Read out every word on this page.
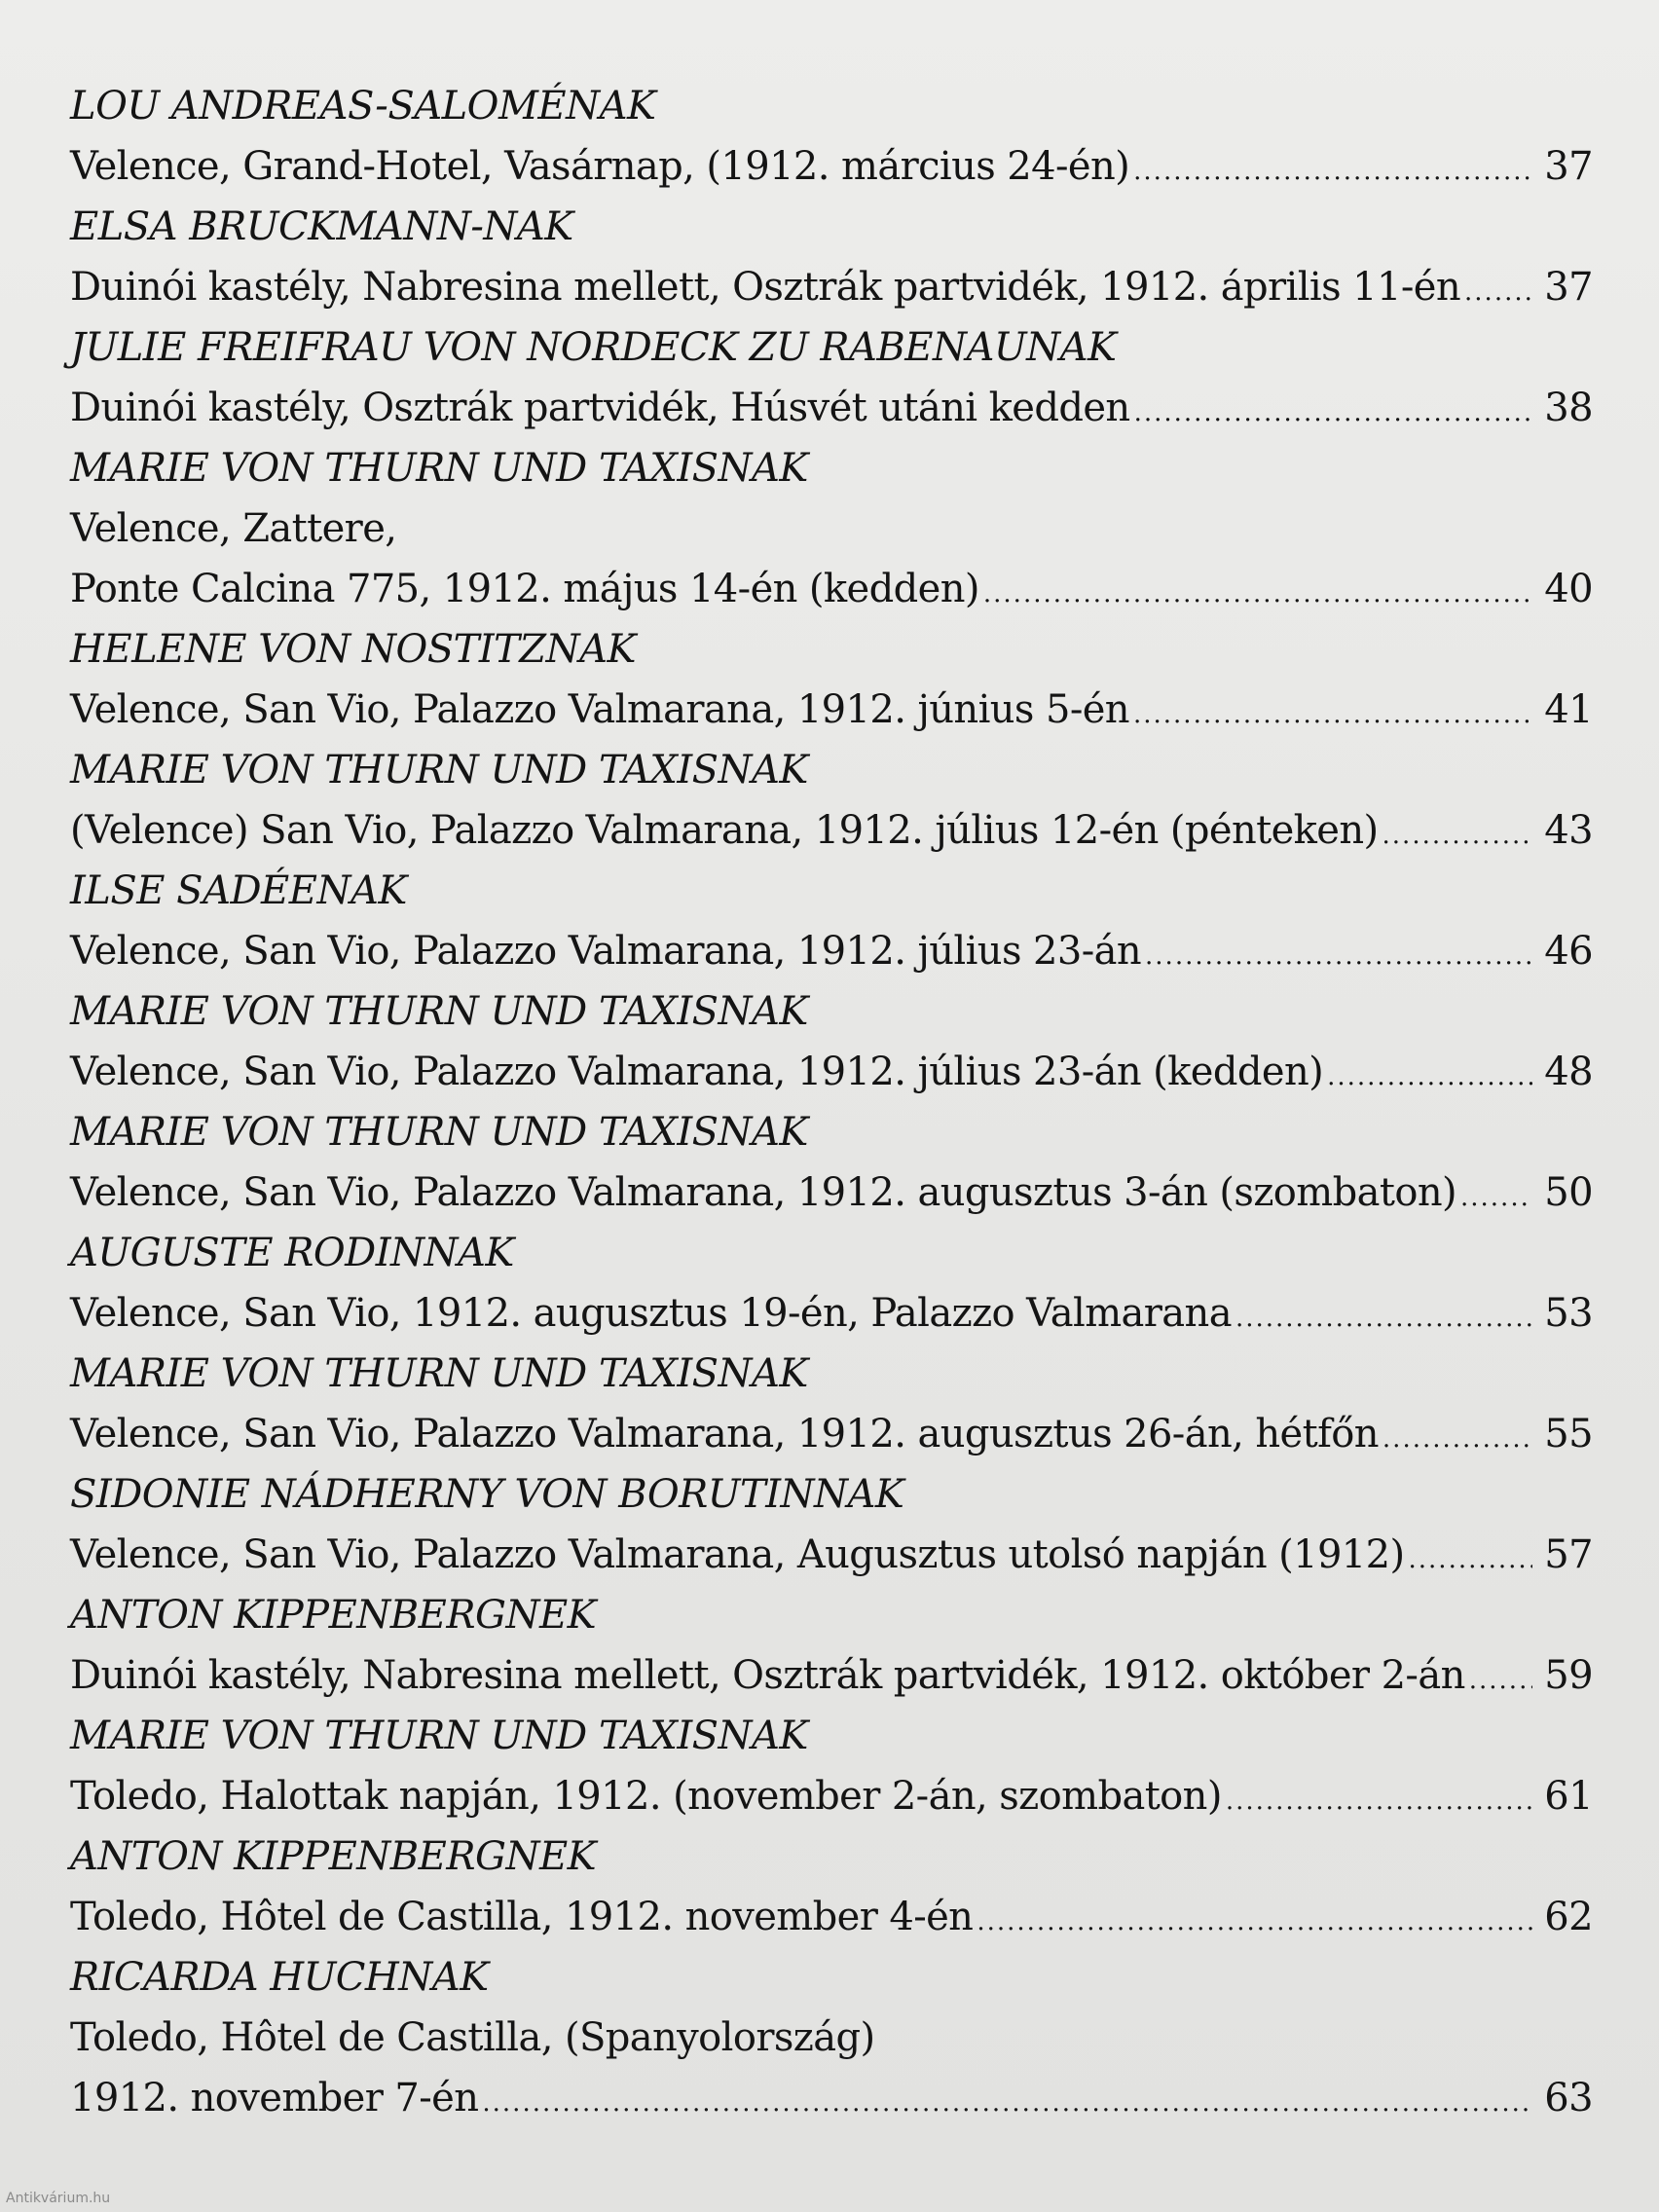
LOU ANDREAS-SALOMÉNAK
Velence, Grand-Hotel, Vasárnap, (1912. március 24-én) .....	37
ELSA BRUCKMANN-NAK
Duinói kastély, Nabresina mellett, Osztrák partvidék, 1912. április 11-én ..... 37
JULIE FREIFRAU VON NORDECK ZU RABENAUNAK
Duinói kastély, Osztrák partvidék, Húsvét utáni kedden .....	38
MARIE VON THURN UND TAXISNAK
Velence, Zattere,
Ponte Calcina 775, 1912. május 14-én (kedden) .....	40
HELENE VON NOSTITZNAK
Velence, San Vio, Palazzo Valmarana, 1912. június 5-én .....	41
MARIE VON THURN UND TAXISNAK
(Velence) San Vio, Palazzo Valmarana, 1912. július 12-én (pénteken) .....	43
ILSE SADÉENAK
Velence, San Vio, Palazzo Valmarana, 1912. július 23-án .....	46
MARIE VON THURN UND TAXISNAK
Velence, San Vio, Palazzo Valmarana, 1912. július 23-án (kedden) .....	48
MARIE VON THURN UND TAXISNAK
Velence, San Vio, Palazzo Valmarana, 1912. augusztus 3-án (szombaton) ..... 50
AUGUSTE RODINNAK
Velence, San Vio, 1912. augusztus 19-én, Palazzo Valmarana .....	53
MARIE VON THURN UND TAXISNAK
Velence, San Vio, Palazzo Valmarana, 1912. augusztus 26-án, hétfőn .....	55
SIDONIE NÁDHERNY VON BORUTINNAK
Velence, San Vio, Palazzo Valmarana, Augusztus utolsó napján (1912) .....	57
ANTON KIPPENBERGNEK
Duinói kastély, Nabresina mellett, Osztrák partvidék, 1912. október 2-án ..... 59
MARIE VON THURN UND TAXISNAK
Toledo, Halottak napján, 1912. (november 2-án, szombaton) .....	61
ANTON KIPPENBERGNEK
Toledo, Hôtel de Castilla, 1912. november 4-én .....	62
RICARDA HUCHNAK
Toledo, Hôtel de Castilla, (Spanyolország)
1912. november 7-én .....	63
Antikvárium.hu
